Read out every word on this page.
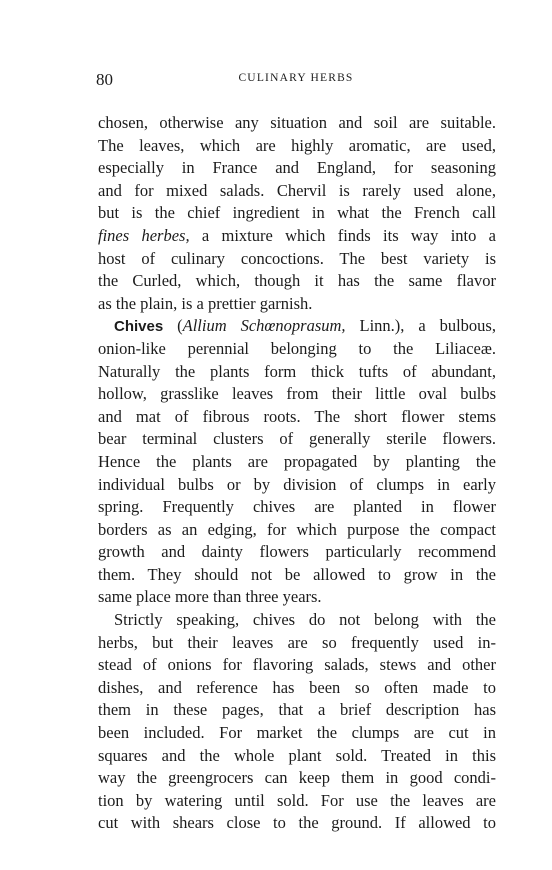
80	CULINARY HERBS
chosen, otherwise any situation and soil are suitable.
The leaves, which are highly aromatic, are used,
especially in France and England, for seasoning
and for mixed salads. Chervil is rarely used alone,
but is the chief ingredient in what the French call
fines herbes, a mixture which finds its way into a
host of culinary concoctions. The best variety is
the Curled, which, though it has the same flavor
as the plain, is a prettier garnish.
Chives (Allium Schœnoprasum, Linn.), a bulbous,
onion-like perennial belonging to the Liliaceæ.
Naturally the plants form thick tufts of abundant,
hollow, grasslike leaves from their little oval bulbs
and mat of fibrous roots. The short flower stems
bear terminal clusters of generally sterile flowers.
Hence the plants are propagated by planting the
individual bulbs or by division of clumps in early
spring. Frequently chives are planted in flower
borders as an edging, for which purpose the compact
growth and dainty flowers particularly recommend
them. They should not be allowed to grow in the
same place more than three years.
Strictly speaking, chives do not belong with the
herbs, but their leaves are so frequently used in-
stead of onions for flavoring salads, stews and other
dishes, and reference has been so often made to
them in these pages, that a brief description has
been included. For market the clumps are cut in
squares and the whole plant sold. Treated in this
way the greengrocers can keep them in good condi-
tion by watering until sold. For use the leaves are
cut with shears close to the ground. If allowed to
